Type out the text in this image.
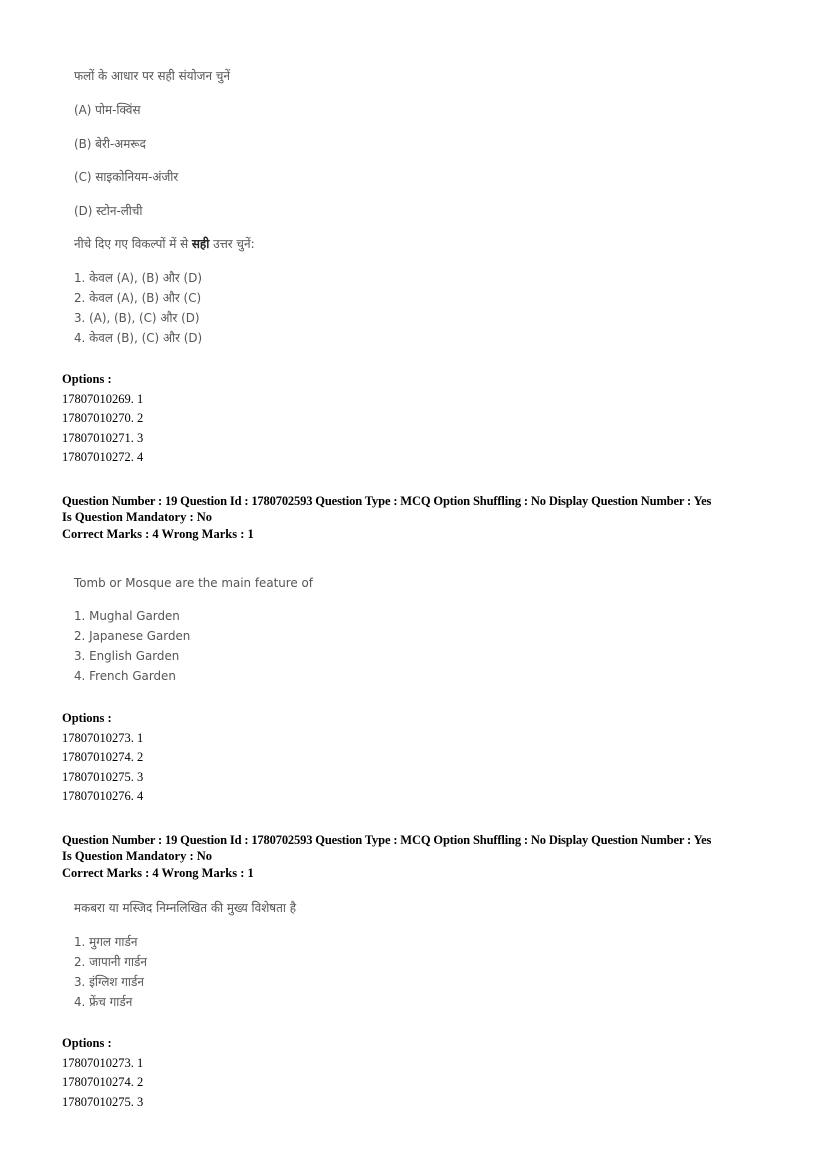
फलों के आधार पर सही संयोजन चुनें
(A) पोम-क्विंस
(B) बेरी-अमरूद
(C) साइकोनियम-अंजीर
(D) स्टोन-लीची
नीचे दिए गए विकल्पों में से सही उत्तर चुनें:
1. केवल (A), (B) और (D)
2. केवल (A), (B) और (C)
3. (A), (B), (C) और (D)
4. केवल (B), (C) और (D)
Options :
17807010269. 1
17807010270. 2
17807010271. 3
17807010272. 4
Question Number : 19 Question Id : 1780702593 Question Type : MCQ Option Shuffling : No Display Question Number : Yes
Is Question Mandatory : No
Correct Marks : 4 Wrong Marks : 1
Tomb or Mosque are the main feature of
1. Mughal Garden
2. Japanese Garden
3. English Garden
4. French Garden
Options :
17807010273. 1
17807010274. 2
17807010275. 3
17807010276. 4
Question Number : 19 Question Id : 1780702593 Question Type : MCQ Option Shuffling : No Display Question Number : Yes
Is Question Mandatory : No
Correct Marks : 4 Wrong Marks : 1
मकबरा या मस्जिद निम्नलिखित की मुख्य विशेषता है
1. मुगल गार्डन
2. जापानी गार्डन
3. इंग्लिश गार्डन
4. फ्रेंच गार्डन
Options :
17807010273. 1
17807010274. 2
17807010275. 3
